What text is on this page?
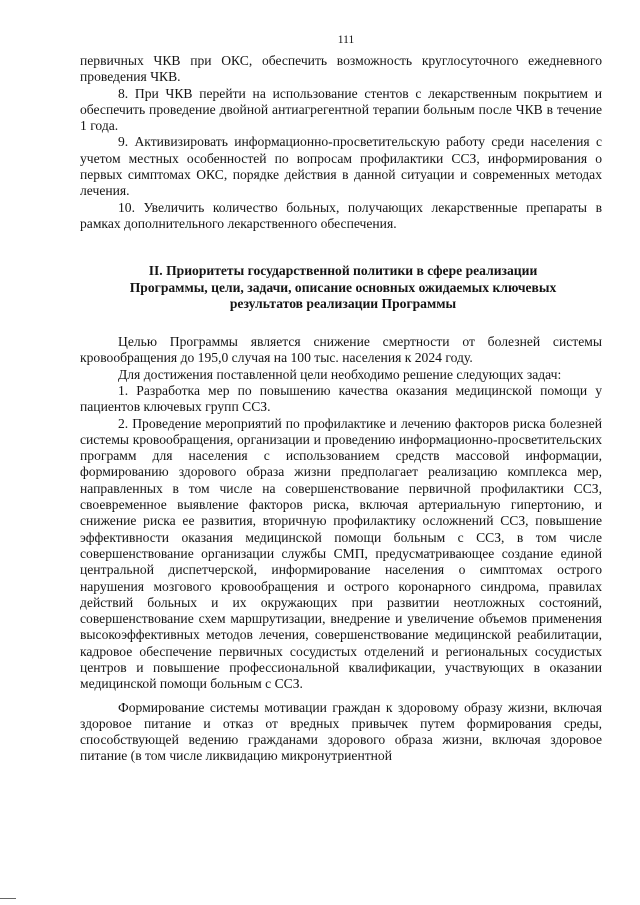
111

первичных ЧКВ при ОКС, обеспечить возможность круглосуточного ежедневного проведения ЧКВ.

8. При ЧКВ перейти на использование стентов с лекарственным покрытием и обеспечить проведение двойной антиагрегентной терапии больным после ЧКВ в течение 1 года.

9. Активизировать информационно-просветительскую работу среди населения с учетом местных особенностей по вопросам профилактики ССЗ, информирования о первых симптомах ОКС, порядке действия в данной ситуации и современных методах лечения.

10. Увеличить количество больных, получающих лекарственные препараты в рамках дополнительного лекарственного обеспечения.

II. Приоритеты государственной политики в сфере реализации
Программы, цели, задачи, описание основных ожидаемых ключевых
результатов реализации Программы

Целью Программы является снижение смертности от болезней системы кровообращения до 195,0 случая на 100 тыс. населения к 2024 году.

Для достижения поставленной цели необходимо решение следующих задач:

1. Разработка мер по повышению качества оказания медицинской помощи у пациентов ключевых групп ССЗ.

2. Проведение мероприятий по профилактике и лечению факторов риска болезней системы кровообращения, организации и проведению информационно-просветительских программ для населения с использованием средств массовой информации, формированию здорового образа жизни предполагает реализацию комплекса мер, направленных в том числе на совершенствование первичной профилактики ССЗ, своевременное выявление факторов риска, включая артериальную гипертонию, и снижение риска ее развития, вторичную профилактику осложнений ССЗ, повышение эффективности оказания медицинской помощи больным с ССЗ, в том числе совершенствование организации службы СМП, предусматривающее создание единой центральной диспетчерской, информирование населения о симптомах острого нарушения мозгового кровообращения и острого коронарного синдрома, правилах действий больных и их окружающих при развитии неотложных состояний, совершенствование схем маршрутизации, внедрение и увеличение объемов применения высокоэффективных методов лечения, совершенствование медицинской реабилитации, кадровое обеспечение первичных сосудистых отделений и региональных сосудистых центров и повышение профессиональной квалификации, участвующих в оказании медицинской помощи больным с ССЗ.

Формирование системы мотивации граждан к здоровому образу жизни, включая здоровое питание и отказ от вредных привычек путем формирования среды, способствующей ведению гражданами здорового образа жизни, включая здоровое питание (в том числе ликвидацию микронутриентной
